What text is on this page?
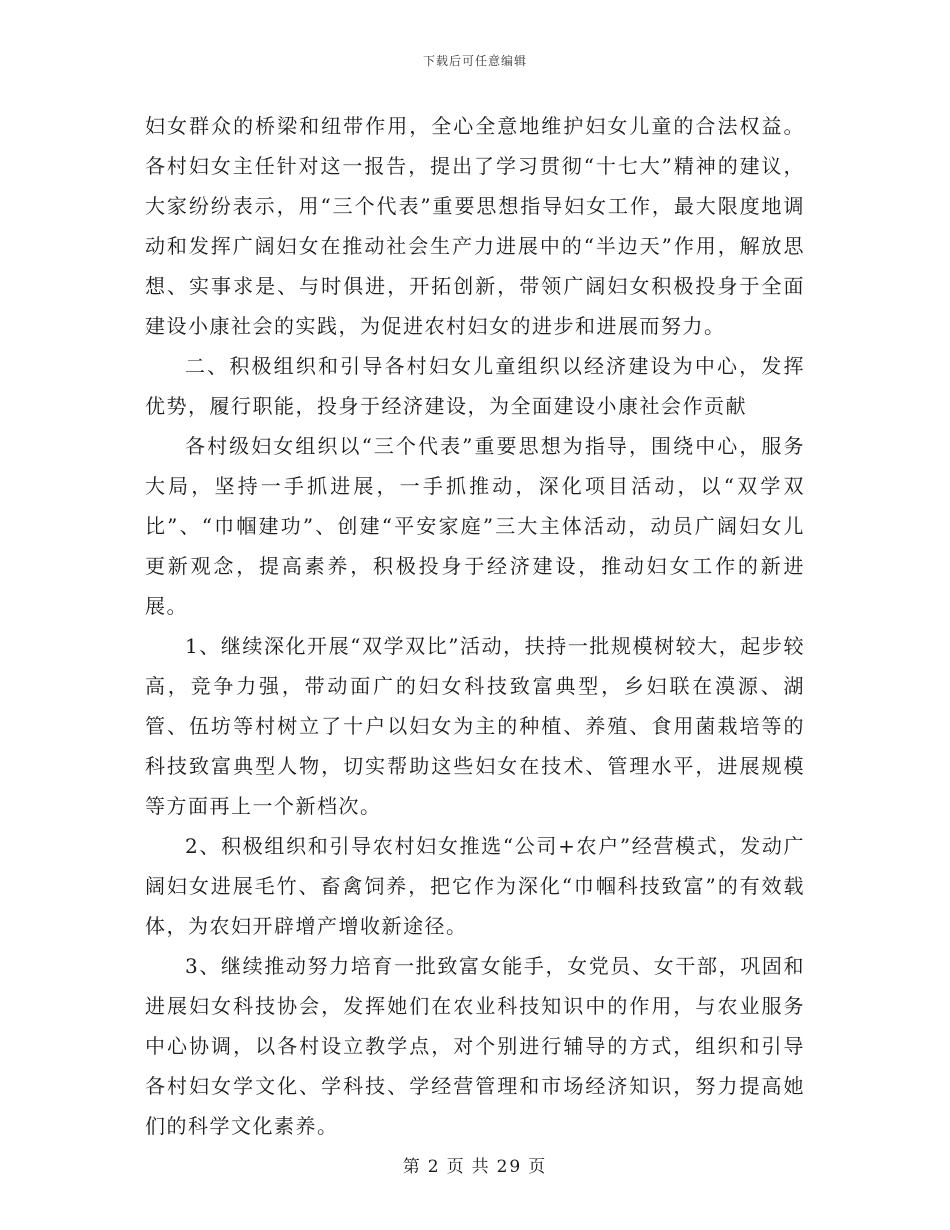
下载后可任意编辑

妇女群众的桥梁和纽带作用，全心全意地维护妇女儿童的合法权益。各村妇女主任针对这一报告，提出了学习贯彻“十七大”精神的建议，大家纷纷表示，用“三个代表”重要思想指导妇女工作，最大限度地调动和发挥广阔妇女在推动社会生产力进展中的“半边天”作用，解放思想、实事求是、与时俱进，开拓创新，带领广阔妇女积极投身于全面建设小康社会的实践，为促进农村妇女的进步和进展而努力。

二、积极组织和引导各村妇女儿童组织以经济建设为中心，发挥优势，履行职能，投身于经济建设，为全面建设小康社会作贡献

各村级妇女组织以“三个代表”重要思想为指导，围绕中心，服务大局，坚持一手抓进展，一手抓推动，深化项目活动，以“双学双比”、“巾帼建功”、创建“平安家庭”三大主体活动，动员广阔妇女儿更新观念，提高素养，积极投身于经济建设，推动妇女工作的新进展。

1、继续深化开展“双学双比”活动，扶持一批规模树较大，起步较高，竞争力强，带动面广的妇女科技致富典型，乡妇联在漠源、湖管、伍坊等村树立了十户以妇女为主的种植、养殖、食用菌栽培等的科技致富典型人物，切实帮助这些妇女在技术、管理水平，进展规模等方面再上一个新档次。

2、积极组织和引导农村妇女推选“公司+农户”经营模式，发动广阔妇女进展毛竹、畜禽饲养，把它作为深化“巾帼科技致富”的有效载体，为农妇开辟增产增收新途径。

3、继续推动努力培育一批致富女能手，女党员、女干部，巩固和进展妇女科技协会，发挥她们在农业科技知识中的作用，与农业服务中心协调，以各村设立教学点，对个别进行辅导的方式，组织和引导各村妇女学文化、学科技、学经营管理和市场经济知识，努力提高她们的科学文化素养。

第 2 页 共 29 页
